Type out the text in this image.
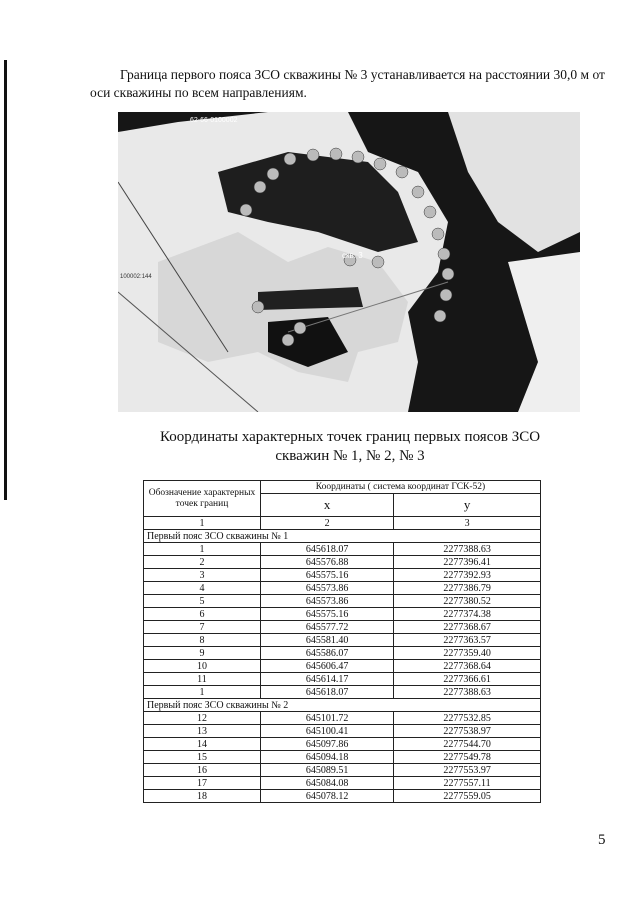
Граница первого пояса ЗСО скважины № 3 устанавливается на расстоянии 30,0 м от оси скважины по всем направлениям.

62-66-0100002
100002:144
скв. 3
Координаты характерных точек границ первых поясов ЗСО
скважин № 1, № 2, № 3
Обозначение характерных точек границ	Координаты ( система координат ГСК-52)	
	x	y
1	2	3
Первый пояс ЗСО скважины № 1		
1	645618.07	2277388.63
2	645576.88	2277396.41
3	645575.16	2277392.93
4	645573.86	2277386.79
5	645573.86	2277380.52
6	645575.16	2277374.38
7	645577.72	2277368.67
8	645581.40	2277363.57
9	645586.07	2277359.40
10	645606.47	2277368.64
11	645614.17	2277366.61
1	645618.07	2277388.63
Первый пояс ЗСО скважины № 2		
12	645101.72	2277532.85
13	645100.41	2277538.97
14	645097.86	2277544.70
15	645094.18	2277549.78
16	645089.51	2277553.97
17	645084.08	2277557.11
18	645078.12	2277559.05
5
